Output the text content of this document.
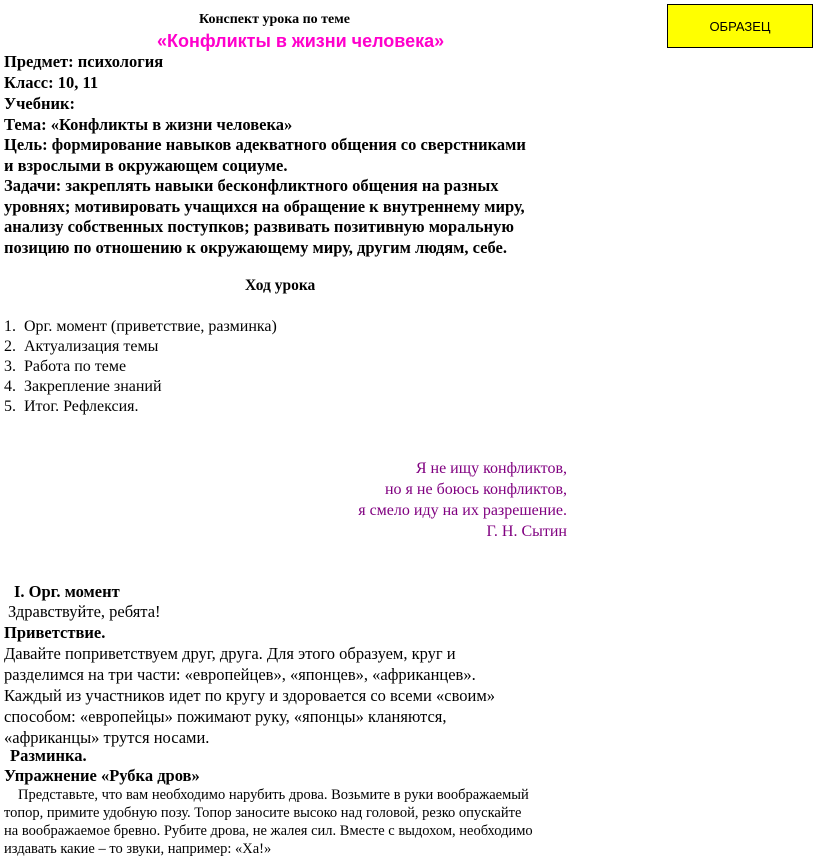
ОБРАЗЕЦ
Конспект урока по теме
«Конфликты в жизни человека»
Предмет: психология
Класс: 10, 11
Учебник:
Тема: «Конфликты в жизни человека»
Цель: формирование навыков адекватного общения со сверстниками
и взрослыми в окружающем социуме.
Задачи: закреплять навыки бесконфликтного общения на разных
уровнях; мотивировать учащихся на обращение к внутреннему миру,
анализу собственных поступков; развивать позитивную моральную
позицию по отношению к окружающему миру, другим людям, себе.
Ход урока
1. Орг. момент (приветствие, разминка)
2. Актуализация темы
3. Работа по теме
4. Закрепление знаний
5. Итог. Рефлексия.
Я не ищу конфликтов,
но я не боюсь конфликтов,
я смело иду на их разрешение.
Г. Н. Сытин
I. Орг. момент
Здравствуйте, ребята!
Приветствие.
Давайте поприветствуем друг, друга. Для этого образуем, круг и
разделимся на три части: «европейцев», «японцев», «африканцев».
Каждый из участников идет по кругу и здоровается со всеми «своим»
способом: «европейцы» пожимают руку, «японцы» кланяются,
«африканцы» трутся носами.
Разминка.
Упражнение «Рубка дров»
Представьте, что вам необходимо нарубить дрова. Возьмите в руки воображаемый
топор, примите удобную позу. Топор заносите высоко над головой, резко опускайте
на воображаемое бревно. Рубите дрова, не жалея сил. Вместе с выдохом, необходимо
издавать какие – то звуки, например: «Ха!»
